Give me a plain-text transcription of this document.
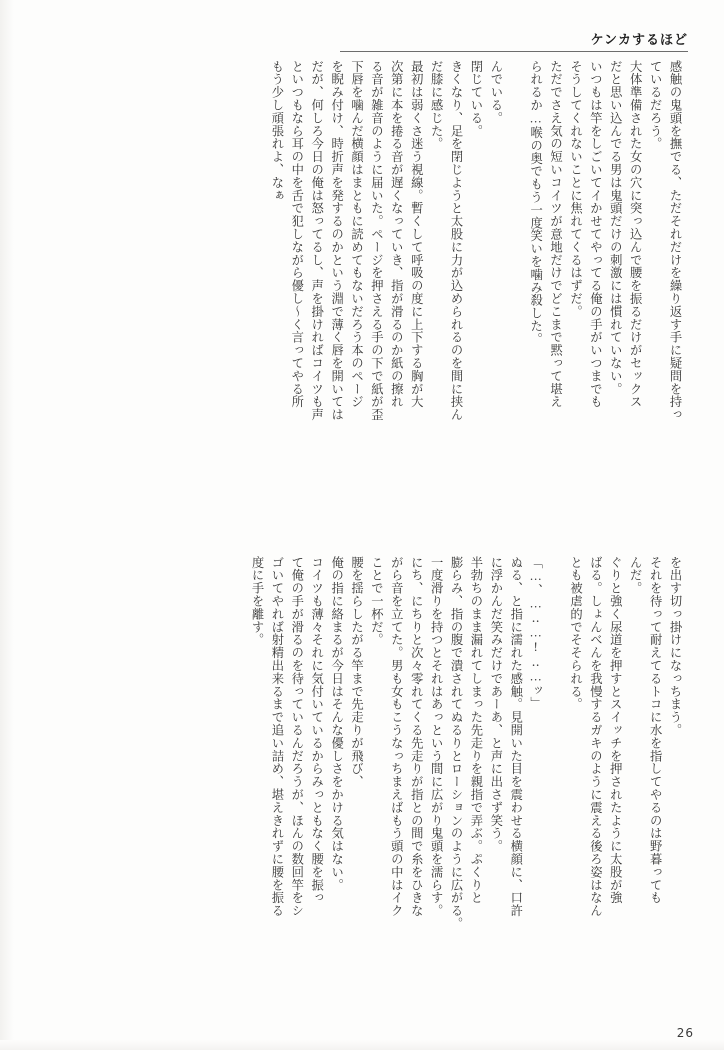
ケンカするほど
感触の鬼頭を撫でる、ただそれだけを繰り返す手に疑問を持っ
ているだろう。
大体準備された女の穴に突っ込んで腰を振るだけがセックス
だと思い込んでる男は鬼頭だけの刺激には慣れていない。
いつもは竿をしごいてイかせてやってる俺の手がいつまでも
そうしてくれないことに焦れてくるはずだ。
ただでさえ気の短いコイツが意地だけでどこまで黙って堪え
られるか…喉の奥でもう一度笑いを噛み殺した。

んでいる。
閉じている。
きくなり、足を閉じようと太股に力が込められるのを間に挟ん
だ膝に感じた。
最初は弱くさ迷う視線。暫くして呼吸の度に上下する胸が大
次第に本を捲る音が遅くなっていき、指が滑るのか紙の擦れ
る音が雑音のように届いた。ページを押さえる手の下で紙が歪
下唇を噛んだ横顔はまともに読めてもないだろう本のページ
を睨み付け、時折声を発するのかという淵で薄く唇を開いては
だが、何しろ今日の俺は怒ってるし、声を掛ければコイツも声
といつもなら耳の中を舌で犯しながら優し～く言ってやる所
もう少し頑張れよ、なぁ
を出す切っ掛けになっちまう。
それを待って耐えてるトコに水を指してやるのは野暮っても
んだ。
ぐりと強く尿道を押すとスイッチを押されたように太股が強
ばる。しょんべんを我慢するガキのように震える後ろ姿はなん
とも被虐的でそそられる。

「…、…‥…!‥…ッ」
ぬる、と指に濡れた感触。見開いた目を震わせる横顔に、口許
に浮かんだ笑みだけであーあ、と声に出さず笑う。
半勃ちのまま漏れてしまった先走りを親指で弄ぶ。ぷくりと
膨らみ、指の腹で潰されてぬるりとローションのように広がる。
一度滑りを持つとそれはあっという間に広がり鬼頭を濡らす。
にち、にちりと次々零れてくる先走りが指との間で糸をひきな
がら音を立てた。男も女もこうなっちまえばもう頭の中はイク
ことで一杯だ。
腰を揺らしたがる竿まで先走りが飛び、
俺の指に絡まるが今日はそんな優しさをかける気はない。
コイツも薄々それに気付いているからみっともなく腰を振っ
て俺の手が滑るのを待っているんだろうが、ほんの数回竿をシ
ゴいてやれば射精出来るまで追い詰め、堪えきれずに腰を振る
度に手を離す。
26
